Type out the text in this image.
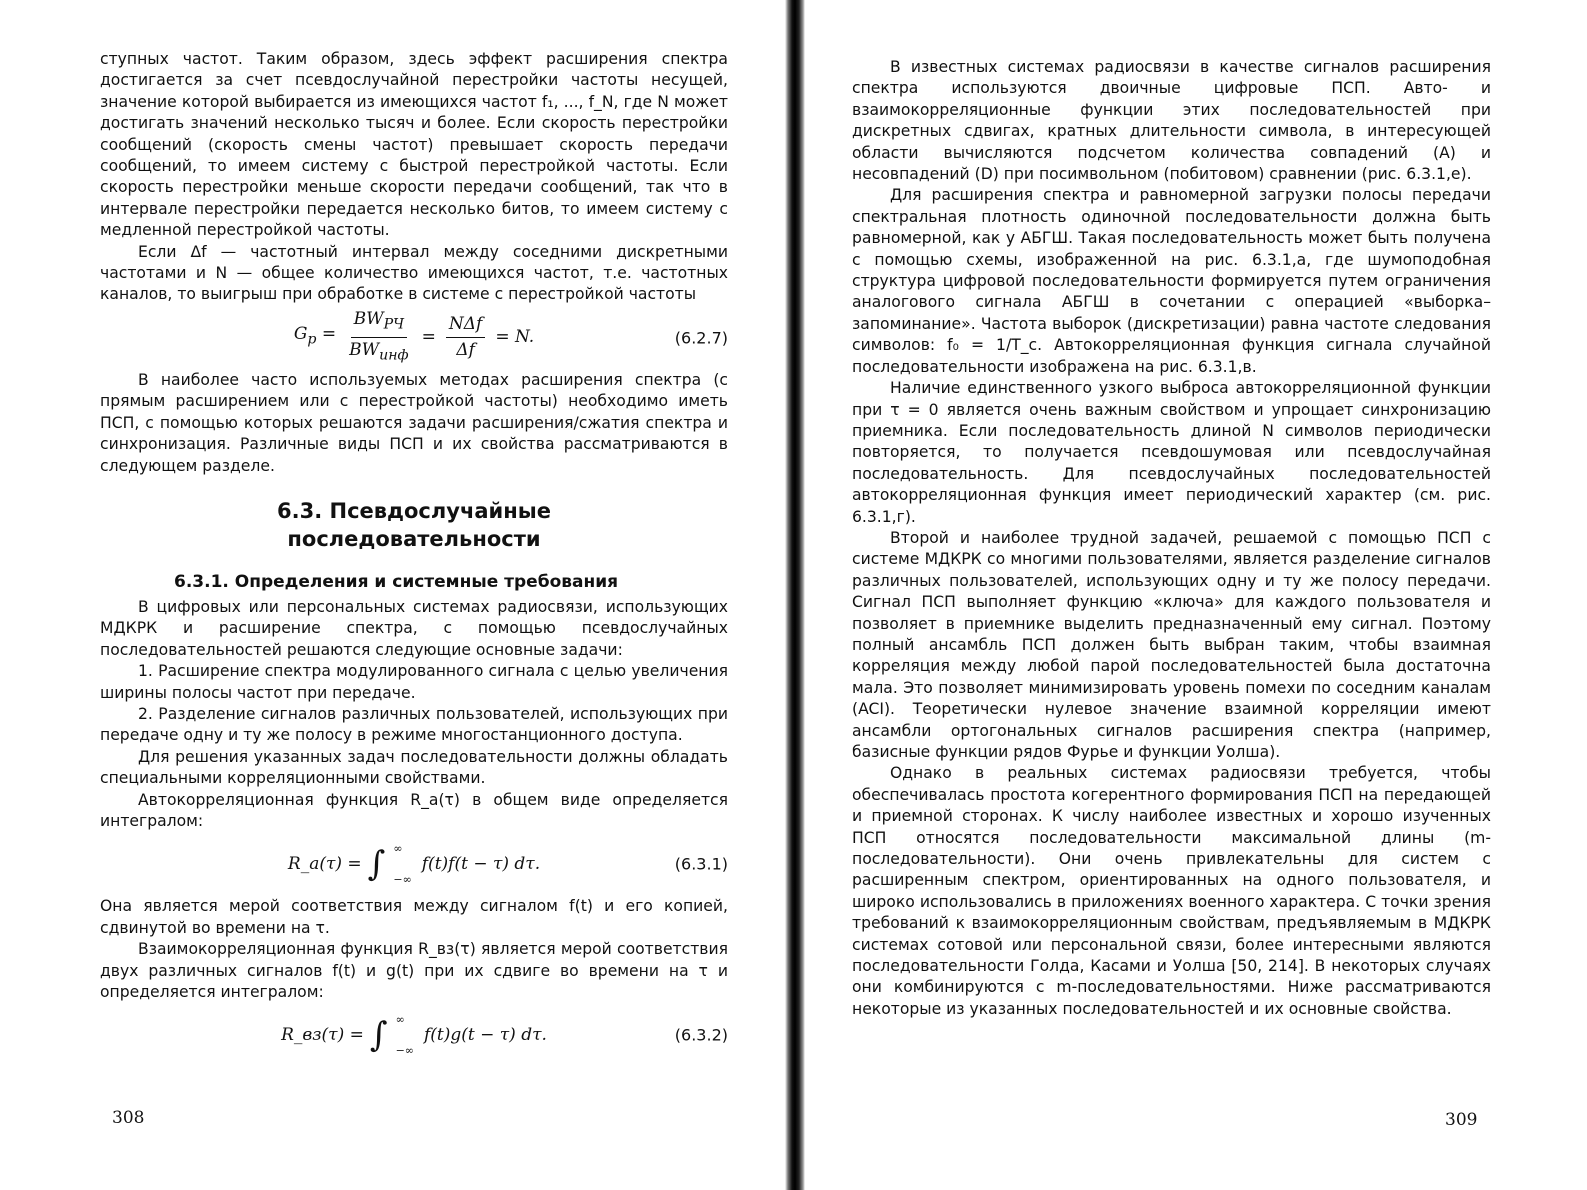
ступных частот. Таким образом, здесь эффект расширения спектра достигается за счет псевдослучайной перестройки частоты несущей, значение которой выбирается из имеющихся частот f₁, ..., f_N, где N может достигать значений несколько тысяч и более. Если скорость перестройки сообщений (скорость смены частот) превышает скорость передачи сообщений, то имеем систему с быстрой перестройкой частоты. Если скорость перестройки меньше скорости передачи сообщений, так что в интервале перестройки передается несколько битов, то имеем систему с медленной перестройкой частоты.

Если Δf — частотный интервал между соседними дискретными частотами и N — общее количество имеющихся частот, т.е. частотных каналов, то выигрыш при обработке в системе с перестройкой частоты

$G_p = \frac{BW_{РЧ}}{BW_{инф}} = \frac{\text{NΔf}}{\Delta f} = N$.	(6.2.7)

В наиболее часто используемых методах расширения спектра (с прямым расширением или с перестройкой частоты) необходимо иметь ПСП, с помощью которых решаются задачи расширения/сжатия спектра и синхронизация. Различные виды ПСП и их свойства рассматриваются в следующем разделе.

6.3. Псевдослучайные
последовательности
6.3.1. Определения и системные требования

В цифровых или персональных системах радиосвязи, использующих МДКРК и расширение спектра, с помощью псевдослучайных последовательностей решаются следующие основные задачи:

1. Расширение спектра модулированного сигнала с целью увеличения ширины полосы частот при передаче.

2. Разделение сигналов различных пользователей, использующих при передаче одну и ту же полосу в режиме многостанционного доступа.

Для решения указанных задач последовательности должны обладать специальными корреляционными свойствами.

Автокорреляционная функция R_a(τ) в общем виде определяется интегралом:

R_a(τ) = ∫ ∞
−∞
f(t)f(t − τ) dτ.	(6.3.1)

Она является мерой соответствия между сигналом f(t) и его копией, сдвинутой во времени на τ.

Взаимокорреляционная функция R_вз(τ) является мерой соответствия двух различных сигналов f(t) и g(t) при их сдвиге во времени на τ и определяется интегралом:

R_вз(τ) = ∫ ∞
−∞
f(t)g(t − τ) dτ.	(6.3.2)
308

В известных системах радиосвязи в качестве сигналов расширения спектра используются двоичные цифровые ПСП. Авто- и взаимокорреляционные функции этих последовательностей при дискретных сдвигах, кратных длительности символа, в интересующей области вычисляются подсчетом количества совпадений (A) и несовпадений (D) при посимвольном (побитовом) сравнении (рис. 6.3.1,е).

Для расширения спектра и равномерной загрузки полосы передачи спектральная плотность одиночной последовательности должна быть равномерной, как у АБГШ. Такая последовательность может быть получена с помощью схемы, изображенной на рис. 6.3.1,а, где шумоподобная структура цифровой последовательности формируется путем ограничения аналогового сигнала АБГШ в сочетании с операцией «выборка–запоминание». Частота выборок (дискретизации) равна частоте следования символов: f₀ = 1/T_c. Автокорреляционная функция сигнала случайной последовательности изображена на рис. 6.3.1,в.

Наличие единственного узкого выброса автокорреляционной функции при τ = 0 является очень важным свойством и упрощает синхронизацию приемника. Если последовательность длиной N символов периодически повторяется, то получается псевдошумовая или псевдослучайная последовательность. Для псевдослучайных последовательностей автокорреляционная функция имеет периодический характер (см. рис. 6.3.1,г).

Второй и наиболее трудной задачей, решаемой с помощью ПСП с системе МДКРК со многими пользователями, является разделение сигналов различных пользователей, использующих одну и ту же полосу передачи. Сигнал ПСП выполняет функцию «ключа» для каждого пользователя и позволяет в приемнике выделить предназначенный ему сигнал. Поэтому полный ансамбль ПСП должен быть выбран таким, чтобы взаимная корреляция между любой парой последовательностей была достаточна мала. Это позволяет минимизировать уровень помехи по соседним каналам (ACI). Теоретически нулевое значение взаимной корреляции имеют ансамбли ортогональных сигналов расширения спектра (например, базисные функции рядов Фурье и функции Уолша).

Однако в реальных системах радиосвязи требуется, чтобы обеспечивалась простота когерентного формирования ПСП на передающей и приемной сторонах. К числу наиболее известных и хорошо изученных ПСП относятся последовательности максимальной длины (m-последовательности). Они очень привлекательны для систем с расширенным спектром, ориентированных на одного пользователя, и широко использовались в приложениях военного характера. С точки зрения требований к взаимокорреляционным свойствам, предъявляемым в МДКРК системах сотовой или персональной связи, более интересными являются последовательности Голда, Касами и Уолша [50, 214]. В некоторых случаях они комбинируются с m-последовательностями. Ниже рассматриваются некоторые из указанных последовательностей и их основные свойства.

309
